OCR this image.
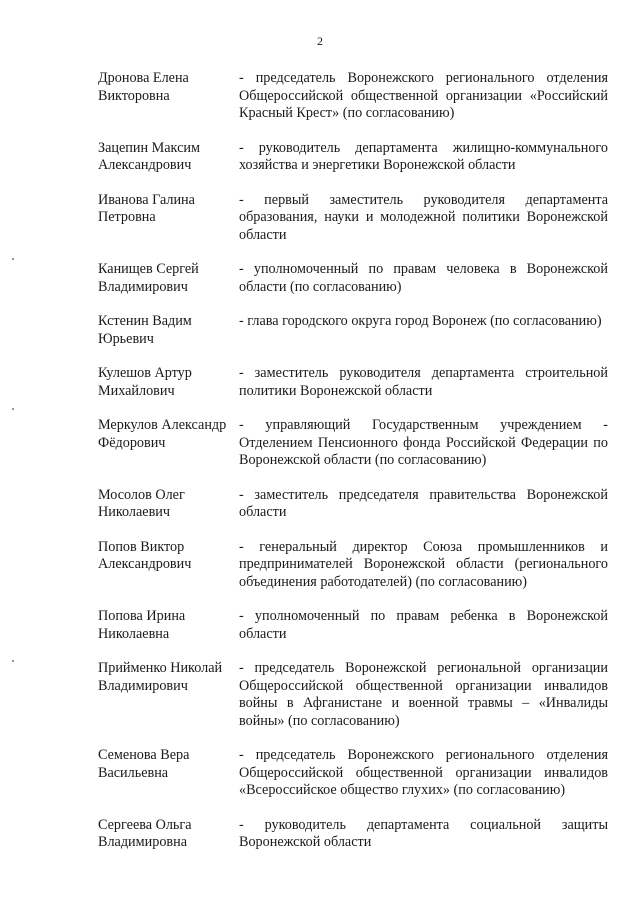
2
Дронова Елена Викторовна
- председатель Воронежского регионального отделения Общероссийской общественной организации «Российский Красный Крест» (по согласованию)
Зацепин Максим Александрович
- руководитель департамента жилищно-коммунального хозяйства и энергетики Воронежской области
Иванова Галина Петровна
- первый заместитель руководителя департамента образования, науки и молодежной политики Воронежской области
Канищев Сергей Владимирович
- уполномоченный по правам человека в Воронежской области (по согласованию)
Кстенин Вадим Юрьевич
- глава городского округа город Воронеж (по согласованию)
Кулешов Артур Михайлович
- заместитель руководителя департамента строительной политики Воронежской области
Меркулов Александр Фёдорович
- управляющий Государственным учреждением - Отделением Пенсионного фонда Российской Федерации по Воронежской области (по согласованию)
Мосолов Олег Николаевич
- заместитель председателя правительства Воронежской области
Попов Виктор Александрович
- генеральный директор Союза промышленников и предпринимателей Воронежской области (регионального объединения работодателей) (по согласованию)
Попова Ирина Николаевна
- уполномоченный по правам ребенка в Воронежской области
Прийменко Николай Владимирович
- председатель Воронежской региональной организации Общероссийской общественной организации инвалидов войны в Афганистане и военной травмы – «Инвалиды войны» (по согласованию)
Семенова Вера Васильевна
- председатель Воронежского регионального отделения Общероссийской общественной организации инвалидов «Всероссийское общество глухих» (по согласованию)
Сергеева Ольга Владимировна
- руководитель департамента социальной защиты Воронежской области
